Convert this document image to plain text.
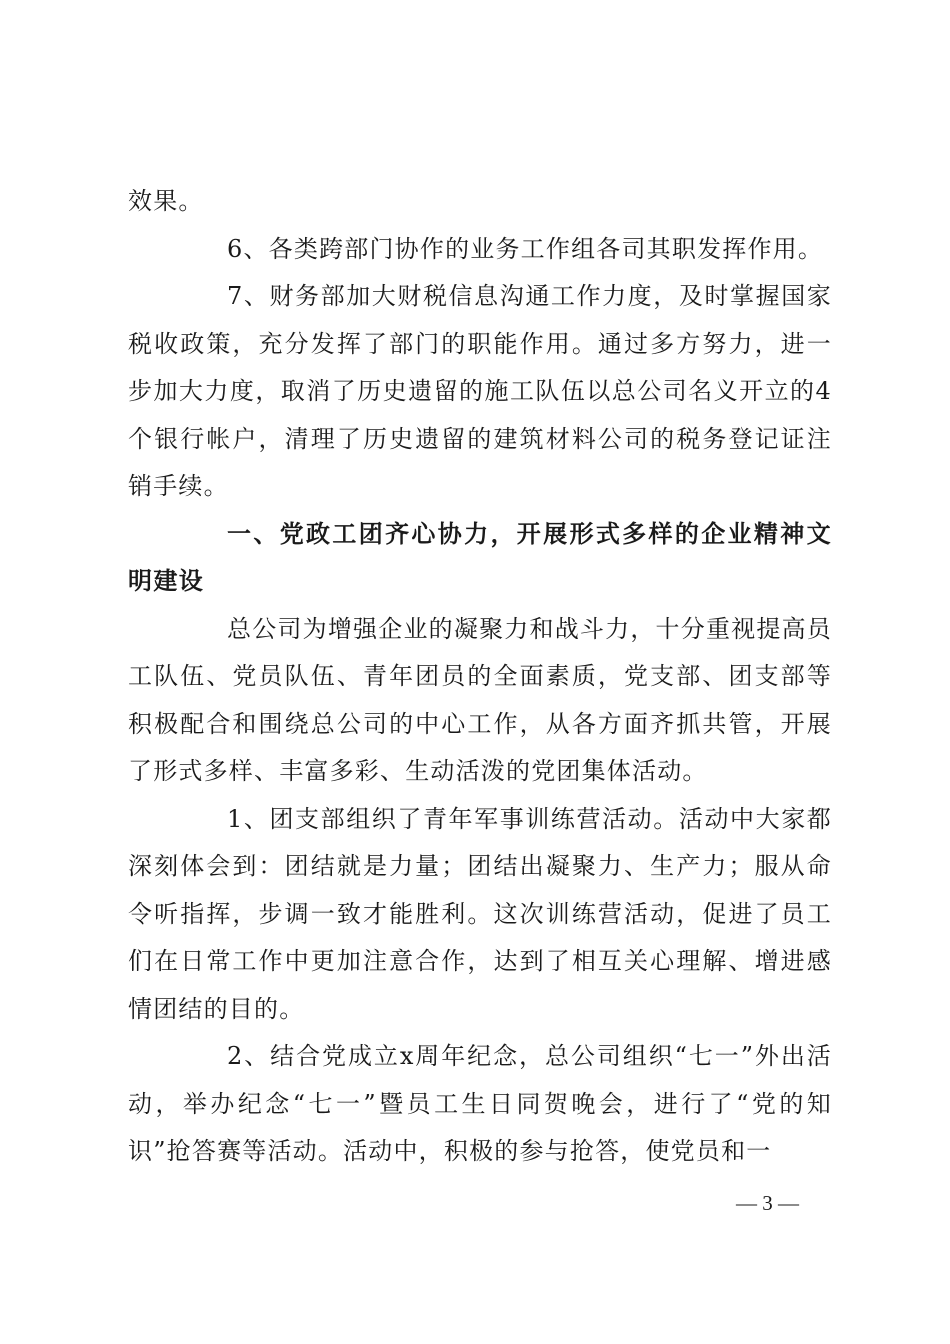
效果。

6、各类跨部门协作的业务工作组各司其职发挥作用。

7、财务部加大财税信息沟通工作力度，及时掌握国家税收政策，充分发挥了部门的职能作用。通过多方努力，进一步加大力度，取消了历史遗留的施工队伍以总公司名义开立的4个银行帐户，清理了历史遗留的建筑材料公司的税务登记证注销手续。

一、党政工团齐心协力，开展形式多样的企业精神文明建设

总公司为增强企业的凝聚力和战斗力，十分重视提高员工队伍、党员队伍、青年团员的全面素质，党支部、团支部等积极配合和围绕总公司的中心工作，从各方面齐抓共管，开展了形式多样、丰富多彩、生动活泼的党团集体活动。

1、团支部组织了青年军事训练营活动。活动中大家都深刻体会到：团结就是力量；团结出凝聚力、生产力；服从命令听指挥，步调一致才能胜利。这次训练营活动，促进了员工们在日常工作中更加注意合作，达到了相互关心理解、增进感情团结的目的。

2、结合党成立x周年纪念，总公司组织“七一”外出活动，举办纪念“七一”暨员工生日同贺晚会，进行了“党的知识”抢答赛等活动。活动中，积极的参与抢答，使党员和一

— 3 —
